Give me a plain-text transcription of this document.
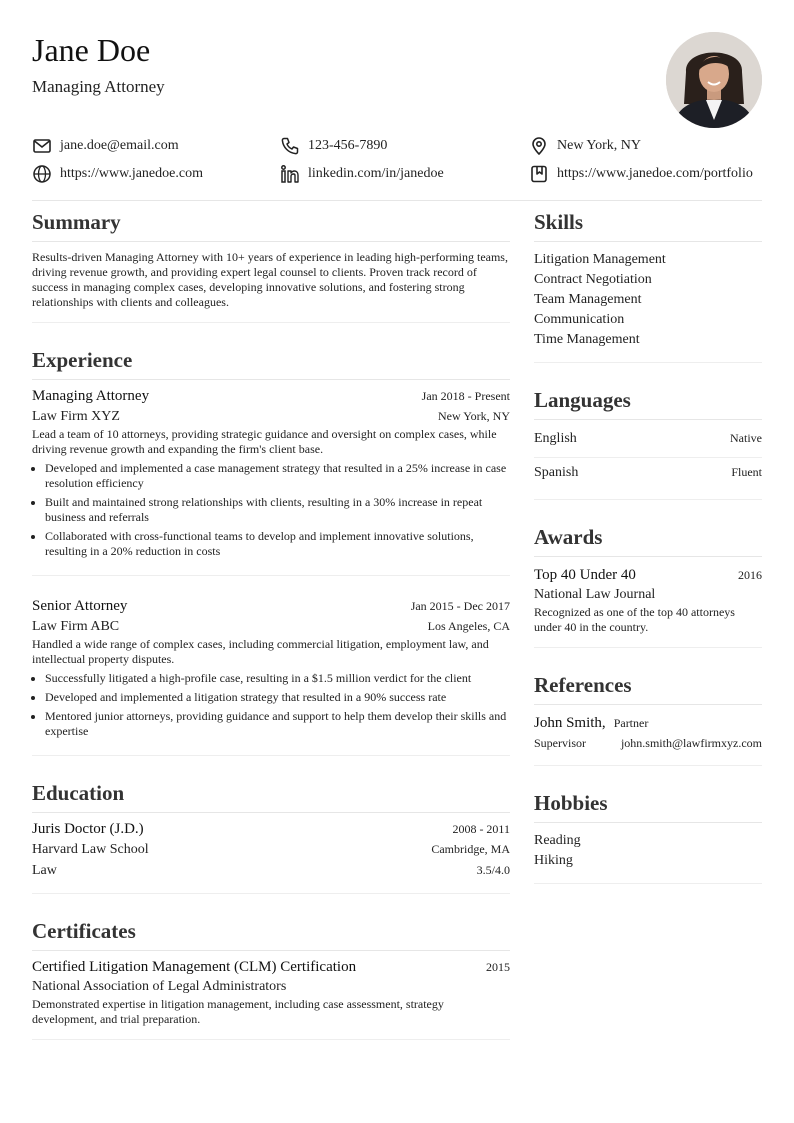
Jane Doe
Managing Attorney
jane.doe@email.com	123-456-7890	New York, NY
https://www.janedoe.com	linkedin.com/in/janedoe	https://www.janedoe.com/portfolio
Summary

Results-driven Managing Attorney with 10+ years of experience in leading high-performing teams, driving revenue growth, and providing expert legal counsel to clients. Proven track record of success in managing complex cases, developing innovative solutions, and fostering strong relationships with clients and colleagues.

Experience
Managing Attorney	Jan 2018 - Present
Law Firm XYZ	New York, NY

Lead a team of 10 attorneys, providing strategic guidance and oversight on complex cases, while driving revenue growth and expanding the firm's client base.

• Developed and implemented a case management strategy that resulted in a 25% increase in case resolution efficiency
• Built and maintained strong relationships with clients, resulting in a 30% increase in repeat business and referrals
• Collaborated with cross-functional teams to develop and implement innovative solutions, resulting in a 20% reduction in costs
Senior Attorney	Jan 2015 - Dec 2017
Law Firm ABC	Los Angeles, CA

Handled a wide range of complex cases, including commercial litigation, employment law, and intellectual property disputes.

• Successfully litigated a high-profile case, resulting in a $1.5 million verdict for the client
• Developed and implemented a litigation strategy that resulted in a 90% success rate
• Mentored junior attorneys, providing guidance and support to help them develop their skills and expertise
Education
Juris Doctor (J.D.)	2008 - 2011
Harvard Law School	Cambridge, MA
Law	3.5/4.0
Certificates
Certified Litigation Management (CLM) Certification	2015
National Association of Legal Administrators

Demonstrated expertise in litigation management, including case assessment, strategy development, and trial preparation.

Skills
Litigation Management
Contract Negotiation
Team Management
Communication
Time Management
Languages
English	Native
Spanish	Fluent
Awards
Top 40 Under 40	2016
National Law Journal

Recognized as one of the top 40 attorneys under 40 in the country.

References
John Smith, Partner
Supervisor	john.smith@lawfirmxyz.com
Hobbies
Reading
Hiking
